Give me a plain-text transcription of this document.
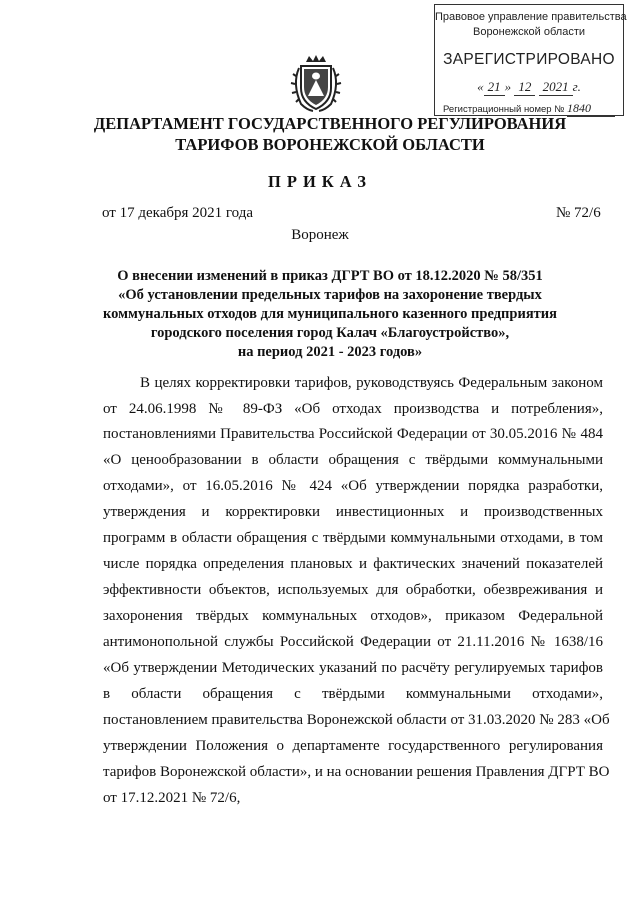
Правовое управление правительства
Воронежской области
ЗАРЕГИСТРИРОВАНО
« 21 » 12 2021 г.
Регистрационный номер № 1840
ДЕПАРТАМЕНТ ГОСУДАРСТВЕННОГО РЕГУЛИРОВАНИЯ
ТАРИФОВ ВОРОНЕЖСКОЙ ОБЛАСТИ
ПРИКАЗ
от 17 декабря 2021 года	№ 72/6
Воронеж
О внесении изменений в приказ ДГРТ ВО от 18.12.2020 № 58/351
«Об установлении предельных тарифов на захоронение твердых
коммунальных отходов для муниципального казенного предприятия
городского поселения город Калач «Благоустройство»,
на период 2021 - 2023 годов»
В целях корректировки тарифов, руководствуясь Федеральным законом
от 24.06.1998 № 89-ФЗ «Об отходах производства и потребления»,
постановлениями Правительства Российской Федерации от 30.05.2016 № 484
«О ценообразовании в области обращения с твёрдыми коммунальными
отходами», от 16.05.2016 № 424 «Об утверждении порядка разработки,
утверждения и корректировки инвестиционных и производственных
программ в области обращения с твёрдыми коммунальными отходами, в том
числе порядка определения плановых и фактических значений показателей
эффективности объектов, используемых для обработки, обезвреживания и
захоронения твёрдых коммунальных отходов», приказом Федеральной
антимонопольной службы Российской Федерации от 21.11.2016 № 1638/16
«Об утверждении Методических указаний по расчёту регулируемых тарифов
в области обращения с твёрдыми коммунальными отходами»,
постановлением правительства Воронежской области от 31.03.2020 № 283 «Об
утверждении Положения о департаменте государственного регулирования
тарифов Воронежской области», и на основании решения Правления ДГРТ ВО
от 17.12.2021 № 72/6,
